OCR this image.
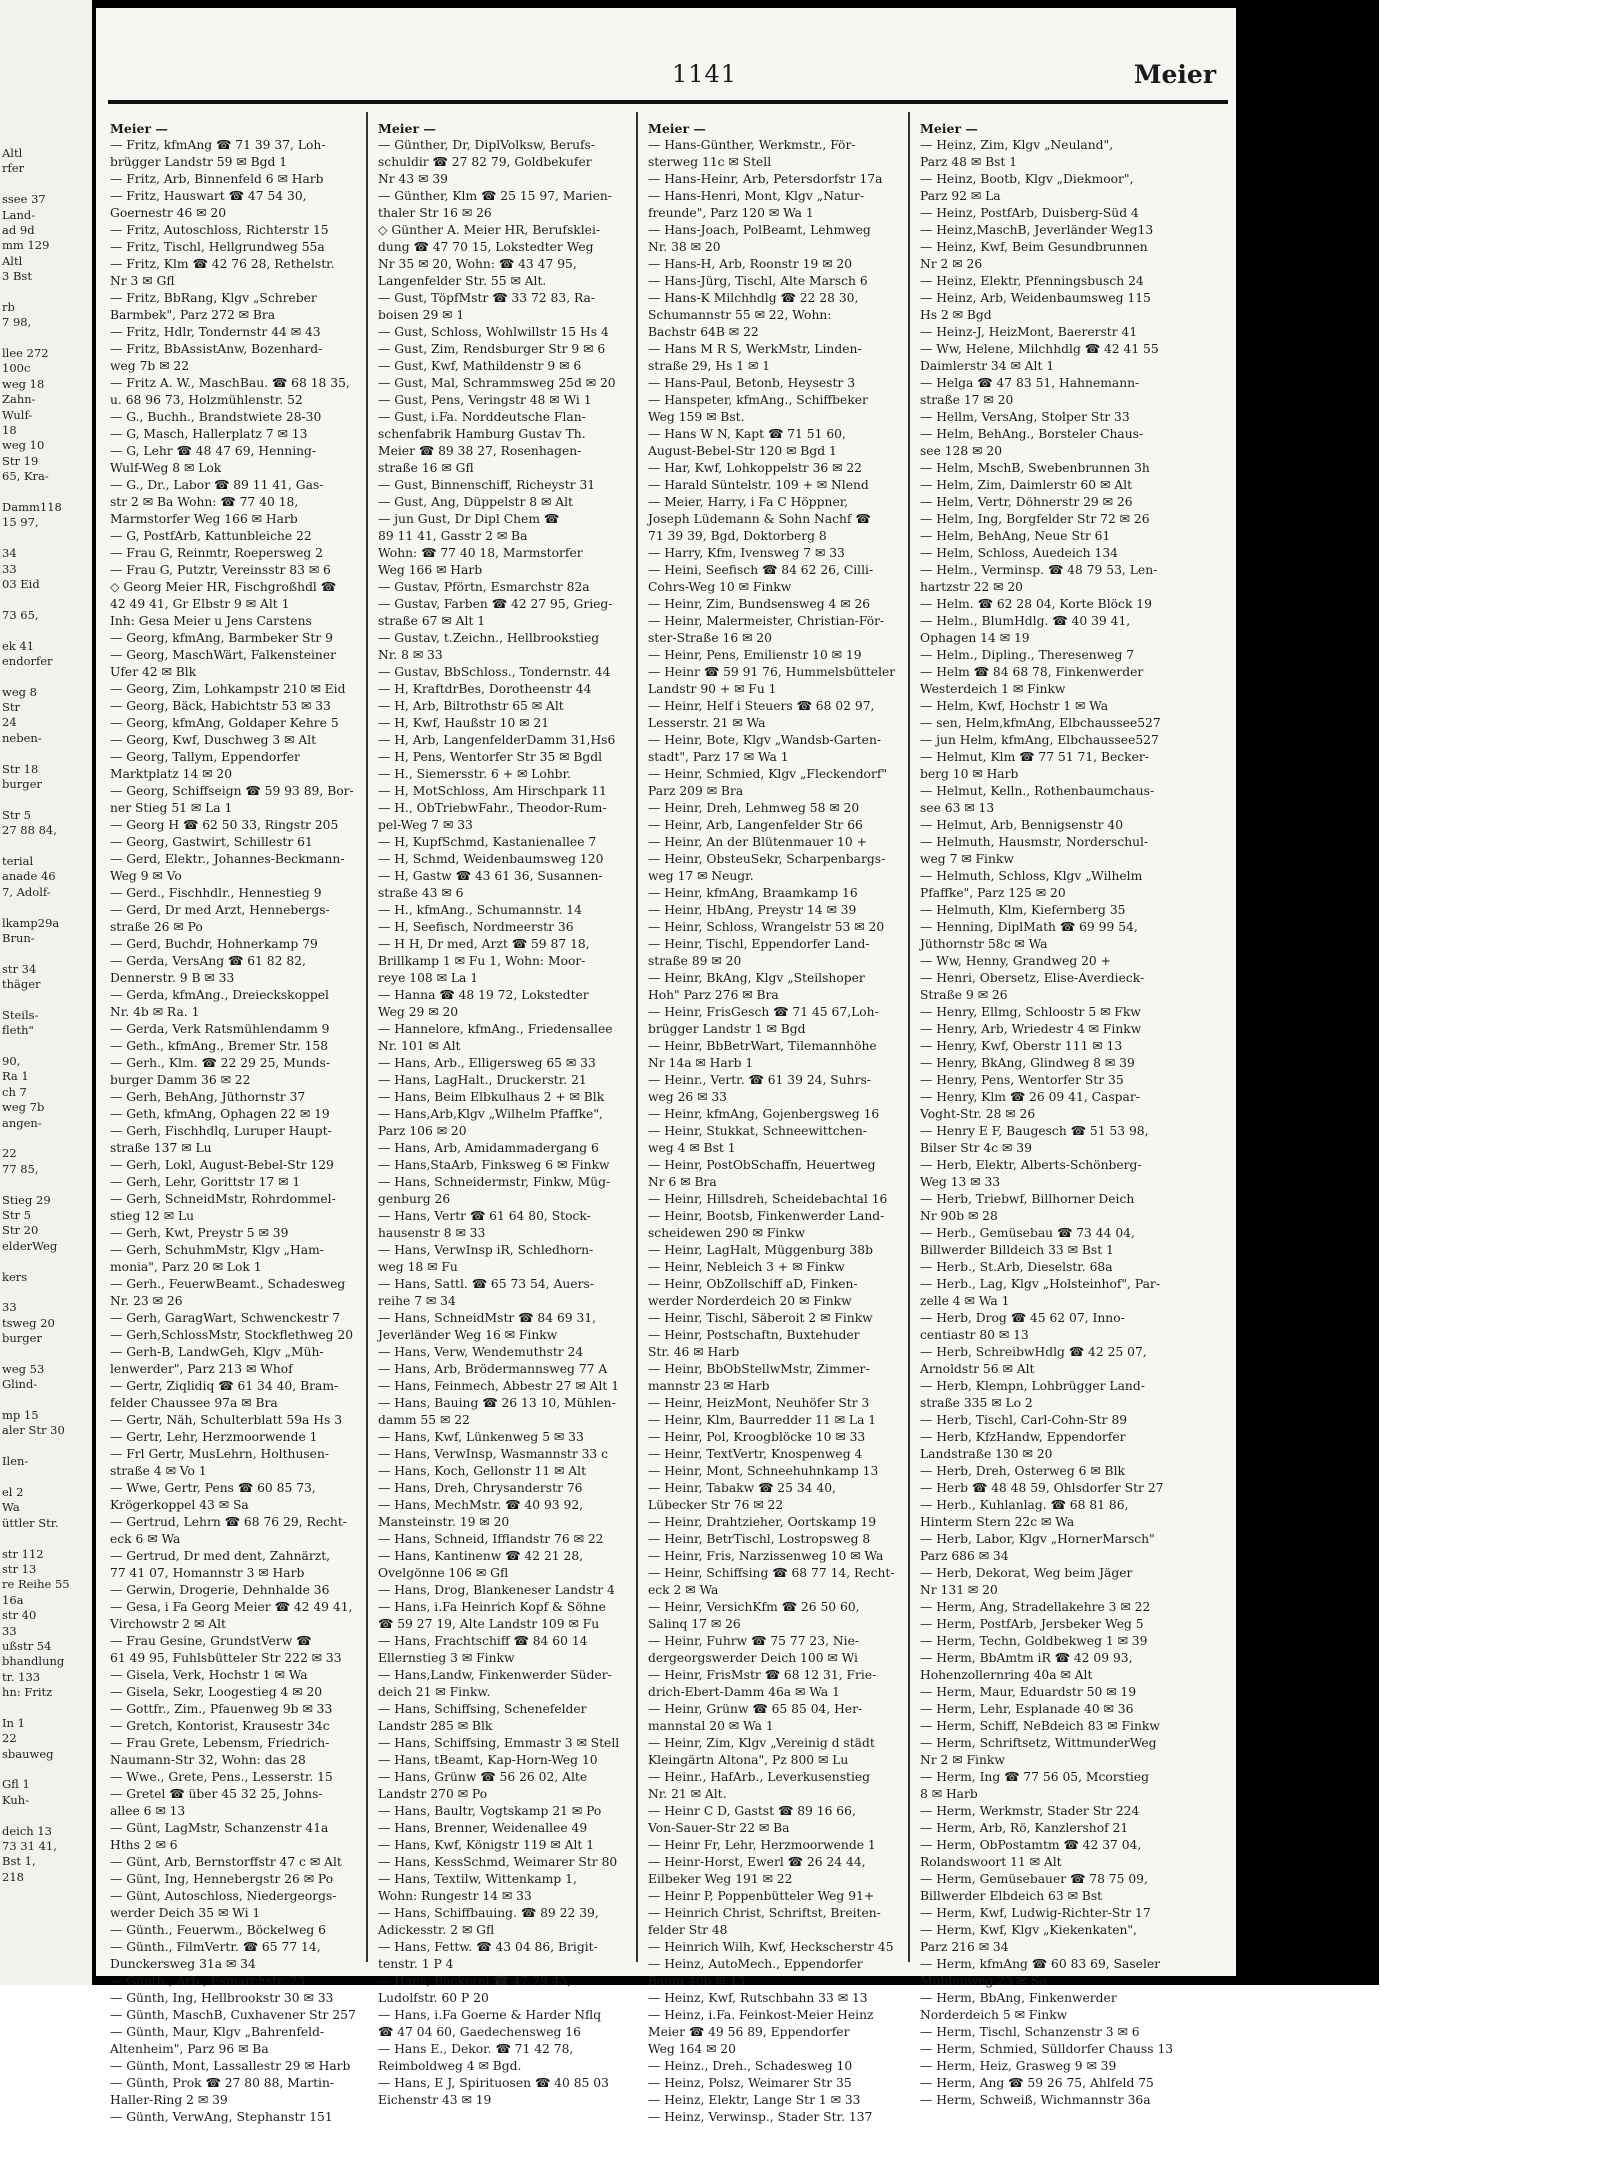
Altl
rfer
ssee 37
Land-
ad 9d
mm 129
Altl
3 Bst
rb
7 98,
llee 272
100c
weg 18
Zahn-
Wulf-
18
weg 10
Str 19
65, Kra-
Damm118
15 97,
34
33
03 Eid
73 65,
ek 41
endorfer
weg 8
Str
24
neben-
Str 18
burger
Str 5
27 88 84,
terial
anade 46
7, Adolf-
lkamp29a
Brun-
str 34
thäger
Steils-
fleth"
90,
Ra 1
ch 7
weg 7b
angen-
22
77 85,
Stieg 29
Str 5
Str 20
elderWeg
kers
33
tsweg 20
burger
weg 53
Glind-
mp 15
aler Str 30
Ilen-
el 2
Wa
üttler Str.
str 112
str 13
re Reihe 55
16a
str 40
33
ußstr 54
bhandlung
tr. 133
hn: Fritz
In 1
22
sbauweg
Gfl 1
Kuh-
deich 13
73 31 41,
Bst 1,
218
1141	Meier
Meier —
— Fritz, kfmAng ☎ 71 39 37, Loh-
brügger Landstr 59 ✉ Bgd 1
— Fritz, Arb, Binnenfeld 6 ✉ Harb
— Fritz, Hauswart ☎ 47 54 30,
Goernestr 46 ✉ 20
— Fritz, Autoschloss, Richterstr 15
— Fritz, Tischl, Hellgrundweg 55a
— Fritz, Klm ☎ 42 76 28, Rethelstr.
Nr 3 ✉ Gfl
— Fritz, BbRang, Klgv „Schreber
Barmbek", Parz 272 ✉ Bra
— Fritz, Hdlr, Tondernstr 44 ✉ 43
— Fritz, BbAssistAnw, Bozenhard-
weg 7b ✉ 22
— Fritz A. W., MaschBau. ☎ 68 18 35,
u. 68 96 73, Holzmühlenstr. 52
— G., Buchh., Brandstwiete 28-30
— G, Masch, Hallerplatz 7 ✉ 13
— G, Lehr ☎ 48 47 69, Henning-
Wulf-Weg 8 ✉ Lok
— G., Dr., Labor ☎ 89 11 41, Gas-
str 2 ✉ Ba Wohn: ☎ 77 40 18,
Marmstorfer Weg 166 ✉ Harb
— G, PostfArb, Kattunbleiche 22
— Frau G, Reinmtr, Roepersweg 2
— Frau G, Putztr, Vereinsstr 83 ✉ 6
◇ Georg Meier HR, Fischgroßhdl ☎
42 49 41, Gr Elbstr 9 ✉ Alt 1
Inh: Gesa Meier u Jens Carstens
— Georg, kfmAng, Barmbeker Str 9
— Georg, MaschWärt, Falkensteiner
Ufer 42 ✉ Blk
— Georg, Zim, Lohkampstr 210 ✉ Eid
— Georg, Bäck, Habichtstr 53 ✉ 33
— Georg, kfmAng, Goldaper Kehre 5
— Georg, Kwf, Duschweg 3 ✉ Alt
— Georg, Tallym, Eppendorfer
Marktplatz 14 ✉ 20
— Georg, Schiffseign ☎ 59 93 89, Bor-
ner Stieg 51 ✉ La 1
— Georg H ☎ 62 50 33, Ringstr 205
— Georg, Gastwirt, Schillestr 61
— Gerd, Elektr., Johannes-Beckmann-
Weg 9 ✉ Vo
— Gerd., Fischhdlr., Hennestieg 9
— Gerd, Dr med Arzt, Hennebergs-
straße 26 ✉ Po
— Gerd, Buchdr, Hohnerkamp 79
— Gerda, VersAng ☎ 61 82 82,
Dennerstr. 9 B ✉ 33
— Gerda, kfmAng., Dreieckskoppel
Nr. 4b ✉ Ra. 1
— Gerda, Verk Ratsmühlendamm 9
— Geth., kfmAng., Bremer Str. 158
— Gerh., Klm. ☎ 22 29 25, Munds-
burger Damm 36 ✉ 22
— Gerh, BehAng, Jüthornstr 37
— Geth, kfmAng, Ophagen 22 ✉ 19
— Gerh, Fischhdlq, Luruper Haupt-
straße 137 ✉ Lu
— Gerh, Lokl, August-Bebel-Str 129
— Gerh, Lehr, Gorittstr 17 ✉ 1
— Gerh, SchneidMstr, Rohrdommel-
stieg 12 ✉ Lu
— Gerh, Kwt, Preystr 5 ✉ 39
— Gerh, SchuhmMstr, Klgv „Ham-
monia", Parz 20 ✉ Lok 1
— Gerh., FeuerwBeamt., Schadesweg
Nr. 23 ✉ 26
— Gerh, GaragWart, Schwenckestr 7
— Gerh,SchlossMstr, Stockflethweg 20
— Gerh-B, LandwGeh, Klgv „Müh-
lenwerder", Parz 213 ✉ Whof
— Gertr, Ziqlidiq ☎ 61 34 40, Bram-
felder Chaussee 97a ✉ Bra
— Gertr, Näh, Schulterblatt 59a Hs 3
— Gertr, Lehr, Herzmoorwende 1
— Frl Gertr, MusLehrn, Holthusen-
straße 4 ✉ Vo 1
— Wwe, Gertr, Pens ☎ 60 85 73,
Krögerkoppel 43 ✉ Sa
— Gertrud, Lehrn ☎ 68 76 29, Recht-
eck 6 ✉ Wa
— Gertrud, Dr med dent, Zahnärzt,
77 41 07, Homannstr 3 ✉ Harb
— Gerwin, Drogerie, Dehnhalde 36
— Gesa, i Fa Georg Meier ☎ 42 49 41,
Virchowstr 2 ✉ Alt
— Frau Gesine, GrundstVerw ☎
61 49 95, Fuhlsbütteler Str 222 ✉ 33
— Gisela, Verk, Hochstr 1 ✉ Wa
— Gisela, Sekr, Loogestieg 4 ✉ 20
— Gottfr., Zim., Pfauenweg 9b ✉ 33
— Gretch, Kontorist, Krausestr 34c
— Frau Grete, Lebensm, Friedrich-
Naumann-Str 32, Wohn: das 28
— Wwe., Grete, Pens., Lesserstr. 15
— Gretel ☎ über 45 32 25, Johns-
allee 6 ✉ 13
— Günt, LagMstr, Schanzenstr 41a
Hths 2 ✉ 6
— Günt, Arb, Bernstorffstr 47 c ✉ Alt
— Günt, Ing, Hennebergstr 26 ✉ Po
— Günt, Autoschloss, Niedergeorgs-
werder Deich 35 ✉ Wi 1
— Günth., Feuerwm., Böckelweg 6
— Günth., FilmVertr. ☎ 65 77 14,
Dunckersweg 31a ✉ 34
— Günth., Arb., Esmarchstr. 73
— Günth, Ing, Hellbrookstr 30 ✉ 33
— Günth, MaschB, Cuxhavener Str 257
— Günth, Maur, Klgv „Bahrenfeld-
Altenheim", Parz 96 ✉ Ba
— Günth, Mont, Lassallestr 29 ✉ Harb
— Günth, Prok ☎ 27 80 88, Martin-
Haller-Ring 2 ✉ 39
— Günth, VerwAng, Stephanstr 151
Meier —
— Günther, Dr, DiplVolksw, Berufs-
schuldir ☎ 27 82 79, Goldbekufer
Nr 43 ✉ 39
— Günther, Klm ☎ 25 15 97, Marien-
thaler Str 16 ✉ 26
◇ Günther A. Meier HR, Berufsklei-
dung ☎ 47 70 15, Lokstedter Weg
Nr 35 ✉ 20, Wohn: ☎ 43 47 95,
Langenfelder Str. 55 ✉ Alt.
— Gust, TöpfMstr ☎ 33 72 83, Ra-
boisen 29 ✉ 1
— Gust, Schloss, Wohlwillstr 15 Hs 4
— Gust, Zim, Rendsburger Str 9 ✉ 6
— Gust, Kwf, Mathildenstr 9 ✉ 6
— Gust, Mal, Schrammsweg 25d ✉ 20
— Gust, Pens, Veringstr 48 ✉ Wi 1
— Gust, i.Fa. Norddeutsche Flan-
schenfabrik Hamburg Gustav Th.
Meier ☎ 89 38 27, Rosenhagen-
straße 16 ✉ Gfl
— Gust, Binnenschiff, Richeystr 31
— Gust, Ang, Düppelstr 8 ✉ Alt
— jun Gust, Dr Dipl Chem ☎
89 11 41, Gasstr 2 ✉ Ba
Wohn: ☎ 77 40 18, Marmstorfer
Weg 166 ✉ Harb
— Gustav, Pförtn, Esmarchstr 82a
— Gustav, Farben ☎ 42 27 95, Grieg-
straße 67 ✉ Alt 1
— Gustav, t.Zeichn., Hellbrookstieg
Nr. 8 ✉ 33
— Gustav, BbSchloss., Tondernstr. 44
— H, KraftdrBes, Dorotheenstr 44
— H, Arb, Biltrothstr 65 ✉ Alt
— H, Kwf, Haußstr 10 ✉ 21
— H, Arb, LangenfelderDamm 31,Hs6
— H, Pens, Wentorfer Str 35 ✉ Bgdl
— H., Siemersstr. 6 + ✉ Lohbr.
— H, MotSchloss, Am Hirschpark 11
— H., ObTriebwFahr., Theodor-Rum-
pel-Weg 7 ✉ 33
— H, KupfSchmd, Kastanienallee 7
— H, Schmd, Weidenbaumsweg 120
— H, Gastw ☎ 43 61 36, Susannen-
straße 43 ✉ 6
— H., kfmAng., Schumannstr. 14
— H, Seefisch, Nordmeerstr 36
— H H, Dr med, Arzt ☎ 59 87 18,
Brillkamp 1 ✉ Fu 1, Wohn: Moor-
reye 108 ✉ La 1
— Hanna ☎ 48 19 72, Lokstedter
Weg 29 ✉ 20
— Hannelore, kfmAng., Friedensallee
Nr. 101 ✉ Alt
— Hans, Arb., Elligersweg 65 ✉ 33
— Hans, LagHalt., Druckerstr. 21
— Hans, Beim Elbkulhaus 2 + ✉ Blk
— Hans,Arb,Klgv „Wilhelm Pfaffke",
Parz 106 ✉ 20
— Hans, Arb, Amidammadergang 6
— Hans,StaArb, Finksweg 6 ✉ Finkw
— Hans, Schneidermstr, Finkw, Müg-
genburg 26
— Hans, Vertr ☎ 61 64 80, Stock-
hausenstr 8 ✉ 33
— Hans, VerwInsp iR, Schledhorn-
weg 18 ✉ Fu
— Hans, Sattl. ☎ 65 73 54, Auers-
reihe 7 ✉ 34
— Hans, SchneidMstr ☎ 84 69 31,
Jeverländer Weg 16 ✉ Finkw
— Hans, Verw, Wendemuthstr 24
— Hans, Arb, Brödermannsweg 77 A
— Hans, Feinmech, Abbestr 27 ✉ Alt 1
— Hans, Bauing ☎ 26 13 10, Mühlen-
damm 55 ✉ 22
— Hans, Kwf, Lünkenweg 5 ✉ 33
— Hans, VerwInsp, Wasmannstr 33 c
— Hans, Koch, Gellonstr 11 ✉ Alt
— Hans, Dreh, Chrysanderstr 76
— Hans, MechMstr. ☎ 40 93 92,
Mansteinstr. 19 ✉ 20
— Hans, Schneid, Ifflandstr 76 ✉ 22
— Hans, Kantinenw ☎ 42 21 28,
Ovelgönne 106 ✉ Gfl
— Hans, Drog, Blankeneser Landstr 4
— Hans, i.Fa Heinrich Kopf & Söhne
☎ 59 27 19, Alte Landstr 109 ✉ Fu
— Hans, Frachtschiff ☎ 84 60 14
Ellernstieg 3 ✉ Finkw
— Hans,Landw, Finkenwerder Süder-
deich 21 ✉ Finkw.
— Hans, Schiffsing, Schenefelder
Landstr 285 ✉ Blk
— Hans, Schiffsing, Emmastr 3 ✉ Stell
— Hans, tBeamt, Kap-Horn-Weg 10
— Hans, Grünw ☎ 56 26 02, Alte
Landstr 270 ✉ Po
— Hans, Baultr, Vogtskamp 21 ✉ Po
— Hans, Brenner, Weidenallee 49
— Hans, Kwf, Königstr 119 ✉ Alt 1
— Hans, KessSchmd, Weimarer Str 80
— Hans, Textilw, Wittenkamp 1,
Wohn: Rungestr 14 ✉ 33
— Hans, Schiffbauing. ☎ 89 22 39,
Adickesstr. 2 ✉ Gfl
— Hans, Fettw. ☎ 43 04 86, Brigit-
tenstr. 1 P 4
— Hans, Bäckerei ☎ 47 79 43,
Ludolfstr. 60 P 20
— Hans, i.Fa Goerne & Harder Nflq
☎ 47 04 60, Gaedechensweg 16
— Hans E., Dekor. ☎ 71 42 78,
Reimboldweg 4 ✉ Bgd.
— Hans, E J, Spirituosen ☎ 40 85 03
Eichenstr 43 ✉ 19
Meier —
— Hans-Günther, Werkmstr., För-
sterweg 11c ✉ Stell
— Hans-Heinr, Arb, Petersdorfstr 17a
— Hans-Henri, Mont, Klgv „Natur-
freunde", Parz 120 ✉ Wa 1
— Hans-Joach, PolBeamt, Lehmweg
Nr. 38 ✉ 20
— Hans-H, Arb, Roonstr 19 ✉ 20
— Hans-Jürg, Tischl, Alte Marsch 6
— Hans-K Milchhdlg ☎ 22 28 30,
Schumannstr 55 ✉ 22, Wohn:
Bachstr 64B ✉ 22
— Hans M R S, WerkMstr, Linden-
straße 29, Hs 1 ✉ 1
— Hans-Paul, Betonb, Heysestr 3
— Hanspeter, kfmAng., Schiffbeker
Weg 159 ✉ Bst.
— Hans W N, Kapt ☎ 71 51 60,
August-Bebel-Str 120 ✉ Bgd 1
— Har, Kwf, Lohkoppelstr 36 ✉ 22
— Harald Süntelstr. 109 + ✉ Nlend
— Meier, Harry, i Fa C Höppner,
Joseph Lüdemann & Sohn Nachf ☎
71 39 39, Bgd, Doktorberg 8
— Harry, Kfm, Ivensweg 7 ✉ 33
— Heini, Seefisch ☎ 84 62 26, Cilli-
Cohrs-Weg 10 ✉ Finkw
— Heinr, Zim, Bundsensweg 4 ✉ 26
— Heinr, Malermeister, Christian-För-
ster-Straße 16 ✉ 20
— Heinr, Pens, Emilienstr 10 ✉ 19
— Heinr ☎ 59 91 76, Hummelsbütteler
Landstr 90 + ✉ Fu 1
— Heinr, Helf i Steuers ☎ 68 02 97,
Lesserstr. 21 ✉ Wa
— Heinr, Bote, Klgv „Wandsb-Garten-
stadt", Parz 17 ✉ Wa 1
— Heinr, Schmied, Klgv „Fleckendorf"
Parz 209 ✉ Bra
— Heinr, Dreh, Lehmweg 58 ✉ 20
— Heinr, Arb, Langenfelder Str 66
— Heinr, An der Blütenmauer 10 +
— Heinr, ObsteuSekr, Scharpenbargs-
weg 17 ✉ Neugr.
— Heinr, kfmAng, Braamkamp 16
— Heinr, HbAng, Preystr 14 ✉ 39
— Heinr, Schloss, Wrangelstr 53 ✉ 20
— Heinr, Tischl, Eppendorfer Land-
straße 89 ✉ 20
— Heinr, BkAng, Klgv „Steilshoper
Hoh" Parz 276 ✉ Bra
— Heinr, FrisGesch ☎ 71 45 67,Loh-
brügger Landstr 1 ✉ Bgd
— Heinr, BbBetrWart, Tilemannhöhe
Nr 14a ✉ Harb 1
— Heinr., Vertr. ☎ 61 39 24, Suhrs-
weg 26 ✉ 33
— Heinr, kfmAng, Gojenbergsweg 16
— Heinr, Stukkat, Schneewittchen-
weg 4 ✉ Bst 1
— Heinr, PostObSchaffn, Heuertweg
Nr 6 ✉ Bra
— Heinr, Hillsdreh, Scheidebachtal 16
— Heinr, Bootsb, Finkenwerder Land-
scheidewen 290 ✉ Finkw
— Heinr, LagHalt, Müggenburg 38b
— Heinr, Nebleich 3 + ✉ Finkw
— Heinr, ObZollschiff aD, Finken-
werder Norderdeich 20 ✉ Finkw
— Heinr, Tischl, Säberoit 2 ✉ Finkw
— Heinr, Postschaftn, Buxtehuder
Str. 46 ✉ Harb
— Heinr, BbObStellwMstr, Zimmer-
mannstr 23 ✉ Harb
— Heinr, HeizMont, Neuhöfer Str 3
— Heinr, Klm, Baurredder 11 ✉ La 1
— Heinr, Pol, Kroogblöcke 10 ✉ 33
— Heinr, TextVertr, Knospenweg 4
— Heinr, Mont, Schneehuhnkamp 13
— Heinr, Tabakw ☎ 25 34 40,
Lübecker Str 76 ✉ 22
— Heinr, Drahtzieher, Oortskamp 19
— Heinr, BetrTischl, Lostropsweg 8
— Heinr, Fris, Narzissenweg 10 ✉ Wa
— Heinr, Schiffsing ☎ 68 77 14, Recht-
eck 2 ✉ Wa
— Heinr, VersichKfm ☎ 26 50 60,
Salinq 17 ✉ 26
— Heinr, Fuhrw ☎ 75 77 23, Nie-
dergeorgswerder Deich 100 ✉ Wi
— Heinr, FrisMstr ☎ 68 12 31, Frie-
drich-Ebert-Damm 46a ✉ Wa 1
— Heinr, Grünw ☎ 65 85 04, Her-
mannstal 20 ✉ Wa 1
— Heinr, Zim, Klgv „Vereinig d städt
Kleingärtn Altona", Pz 800 ✉ Lu
— Heinr., HafArb., Leverkusenstieg
Nr. 21 ✉ Alt.
— Heinr C D, Gastst ☎ 89 16 66,
Von-Sauer-Str 22 ✉ Ba
— Heinr Fr, Lehr, Herzmoorwende 1
— Heinr-Horst, Ewerl ☎ 26 24 44,
Eilbeker Weg 191 ✉ 22
— Heinr P, Poppenbütteler Weg 91+
— Heinrich Christ, Schriftst, Breiten-
felder Str 48
— Heinrich Wilh, Kwf, Heckscherstr 45
— Heinz, AutoMech., Eppendorfer
Baum 40b ✉ 13
— Heinz, Kwf, Rutschbahn 33 ✉ 13
— Heinz, i.Fa. Feinkost-Meier Heinz
Meier ☎ 49 56 89, Eppendorfer
Weg 164 ✉ 20
— Heinz., Dreh., Schadesweg 10
— Heinz, Polsz, Weimarer Str 35
— Heinz, Elektr, Lange Str 1 ✉ 33
— Heinz, Verwinsp., Stader Str. 137
Meier —
— Heinz, Zim, Klgv „Neuland",
Parz 48 ✉ Bst 1
— Heinz, Bootb, Klgv „Diekmoor",
Parz 92 ✉ La
— Heinz, PostfArb, Duisberg-Süd 4
— Heinz,MaschB, Jeverländer Weg13
— Heinz, Kwf, Beim Gesundbrunnen
Nr 2 ✉ 26
— Heinz, Elektr, Pfenningsbusch 24
— Heinz, Arb, Weidenbaumsweg 115
Hs 2 ✉ Bgd
— Heinz-J, HeizMont, Baererstr 41
— Ww, Helene, Milchhdlg ☎ 42 41 55
Daimlerstr 34 ✉ Alt 1
— Helga ☎ 47 83 51, Hahnemann-
straße 17 ✉ 20
— Hellm, VersAng, Stolper Str 33
— Helm, BehAng., Borsteler Chaus-
see 128 ✉ 20
— Helm, MschB, Swebenbrunnen 3h
— Helm, Zim, Daimlerstr 60 ✉ Alt
— Helm, Vertr, Döhnerstr 29 ✉ 26
— Helm, Ing, Borgfelder Str 72 ✉ 26
— Helm, BehAng, Neue Str 61
— Helm, Schloss, Auedeich 134
— Helm., Verminsp. ☎ 48 79 53, Len-
hartzstr 22 ✉ 20
— Helm. ☎ 62 28 04, Korte Blöck 19
— Helm., BlumHdlg. ☎ 40 39 41,
Ophagen 14 ✉ 19
— Helm., Dipling., Theresenweg 7
— Helm ☎ 84 68 78, Finkenwerder
Westerdeich 1 ✉ Finkw
— Helm, Kwf, Hochstr 1 ✉ Wa
— sen, Helm,kfmAng, Elbchaussee527
— jun Helm, kfmAng, Elbchaussee527
— Helmut, Klm ☎ 77 51 71, Becker-
berg 10 ✉ Harb
— Helmut, Kelln., Rothenbaumchaus-
see 63 ✉ 13
— Helmut, Arb, Bennigsenstr 40
— Helmuth, Hausmstr, Norderschul-
weg 7 ✉ Finkw
— Helmuth, Schloss, Klgv „Wilhelm
Pfaffke", Parz 125 ✉ 20
— Helmuth, Klm, Kiefernberg 35
— Henning, DiplMath ☎ 69 99 54,
Jüthornstr 58c ✉ Wa
— Ww, Henny, Grandweg 20 +
— Henri, Obersetz, Elise-Averdieck-
Straße 9 ✉ 26
— Henry, Ellmg, Schloostr 5 ✉ Fkw
— Henry, Arb, Wriedestr 4 ✉ Finkw
— Henry, Kwf, Oberstr 111 ✉ 13
— Henry, BkAng, Glindweg 8 ✉ 39
— Henry, Pens, Wentorfer Str 35
— Henry, Klm ☎ 26 09 41, Caspar-
Voght-Str. 28 ✉ 26
— Henry E F, Baugesch ☎ 51 53 98,
Bilser Str 4c ✉ 39
— Herb, Elektr, Alberts-Schönberg-
Weg 13 ✉ 33
— Herb, Triebwf, Billhorner Deich
Nr 90b ✉ 28
— Herb., Gemüsebau ☎ 73 44 04,
Billwerder Billdeich 33 ✉ Bst 1
— Herb., St.Arb, Dieselstr. 68a
— Herb., Lag, Klgv „Holsteinhof", Par-
zelle 4 ✉ Wa 1
— Herb, Drog ☎ 45 62 07, Inno-
centiastr 80 ✉ 13
— Herb, SchreibwHdlg ☎ 42 25 07,
Arnoldstr 56 ✉ Alt
— Herb, Klempn, Lohbrügger Land-
straße 335 ✉ Lo 2
— Herb, Tischl, Carl-Cohn-Str 89
— Herb, KfzHandw, Eppendorfer
Landstraße 130 ✉ 20
— Herb, Dreh, Osterweg 6 ✉ Blk
— Herb ☎ 48 48 59, Ohlsdorfer Str 27
— Herb., Kuhlanlag. ☎ 68 81 86,
Hinterm Stern 22c ✉ Wa
— Herb, Labor, Klgv „HornerMarsch"
Parz 686 ✉ 34
— Herb, Dekorat, Weg beim Jäger
Nr 131 ✉ 20
— Herm, Ang, Stradellakehre 3 ✉ 22
— Herm, PostfArb, Jersbeker Weg 5
— Herm, Techn, Goldbekweg 1 ✉ 39
— Herm, BbAmtm iR ☎ 42 09 93,
Hohenzollernring 40a ✉ Alt
— Herm, Maur, Eduardstr 50 ✉ 19
— Herm, Lehr, Esplanade 40 ✉ 36
— Herm, Schiff, NeBdeich 83 ✉ Finkw
— Herm, Schriftsetz, WittmunderWeg
Nr 2 ✉ Finkw
— Herm, Ing ☎ 77 56 05, Mcorstieg
8 ✉ Harb
— Herm, Werkmstr, Stader Str 224
— Herm, Arb, Rö, Kanzlershof 21
— Herm, ObPostamtm ☎ 42 37 04,
Rolandswoort 11 ✉ Alt
— Herm, Gemüsebauer ☎ 78 75 09,
Billwerder Elbdeich 63 ✉ Bst
— Herm, Kwf, Ludwig-Richter-Str 17
— Herm, Kwf, Klgv „Kiekenkaten",
Parz 216 ✉ 34
— Herm, kfmAng ☎ 60 83 69, Saseler
Mühlenweg 23 ✉ Sa
— Herm, BbAng, Finkenwerder
Norderdeich 5 ✉ Finkw
— Herm, Tischl, Schanzenstr 3 ✉ 6
— Herm, Schmied, Sülldorfer Chauss 13
— Herm, Heiz, Grasweg 9 ✉ 39
— Herm, Ang ☎ 59 26 75, Ahlfeld 75
— Herm, Schweiß, Wichmannstr 36a
